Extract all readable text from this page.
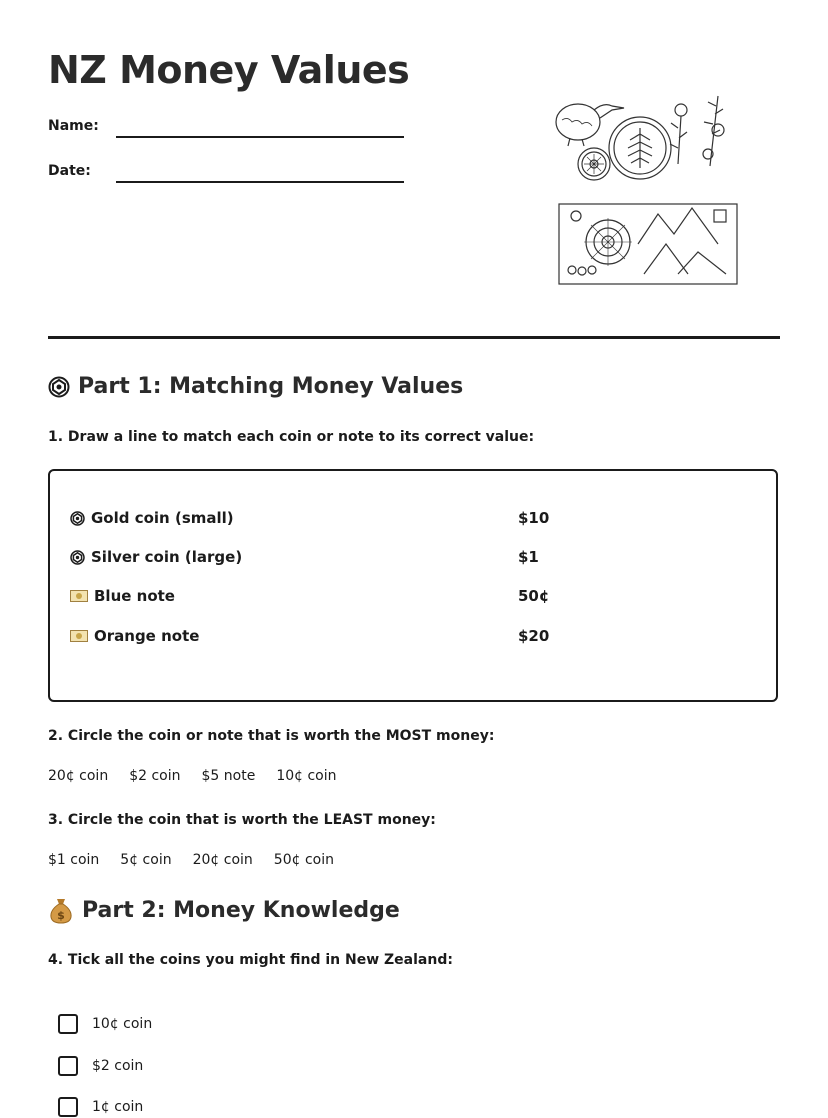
NZ Money Values
Name:
Date:
Part 1: Matching Money Values
1. Draw a line to match each coin or note to its correct value:
Gold coin (small)	$10
Silver coin (large)	$1
Blue note	50¢
Orange note	$20
2. Circle the coin or note that is worth the MOST money:
20¢ coin $2 coin $5 note 10¢ coin
3. Circle the coin that is worth the LEAST money:
$1 coin 5¢ coin 20¢ coin 50¢ coin
$ Part 2: Money Knowledge
4. Tick all the coins you might find in New Zealand:
10¢ coin
$2 coin
1¢ coin
